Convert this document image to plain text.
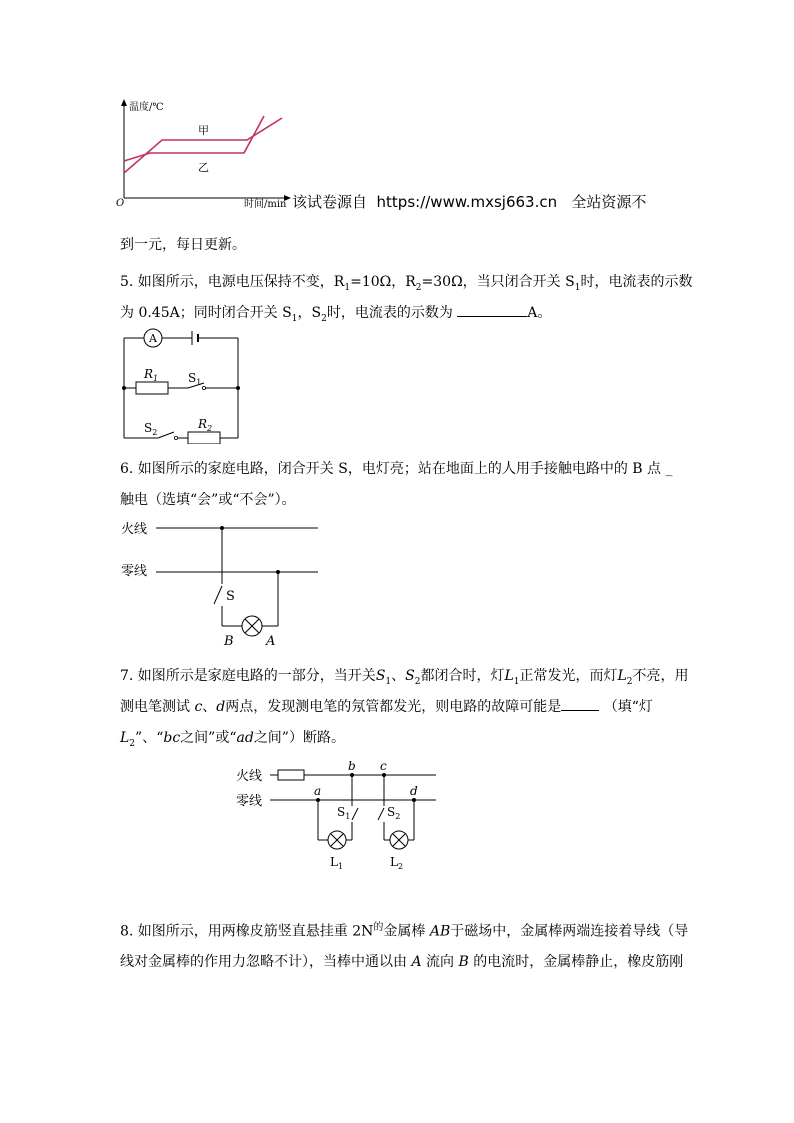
温度/℃
甲
乙
O	时间/min 该试卷源自  https://www.mxsj663.cn   全站资源不
到一元，每日更新。
5. 如图所示，电源电压保持不变，$R_1=10\Omega$，$R_2=30\Omega$，当只闭合开关 $S_1$时，电流表的示数
为 0.45A；同时闭合开关 $S_1$，$S_2$时，电流表的示数为	A。
A
$R_1$ $S_1$
$S_2$
$R_2$
6. 如图所示的家庭电路，闭合开关 S，电灯亮；站在地面上的人用手接触电路中的 B 点 _
触电（选填“会”或“不会”）。
火线
零线
S
B A
7. 如图所示是家庭电路的一部分，当开关$S_1$、$S_2$都闭合时，灯$L_1$正常发光，而灯$L_2$不亮，用
测电笔测试 c、d两点，发现测电笔的氖管都发光，则电路的故障可能是	（填“灯
$L_2$”、“bc之间”或“ad之间”）断路。
火线
零线
b c
a	d
$S_1$
$L_1$
$S_2$
$L_2$
8. 如图所示，用两橡皮筋竖直悬挂重 $2N^的$金属棒 AB于磁场中，金属棒两端连接着导线（导
线对金属棒的作用力忽略不计），当棒中通以由 A 流向 B 的电流时，金属棒静止，橡皮筋刚
